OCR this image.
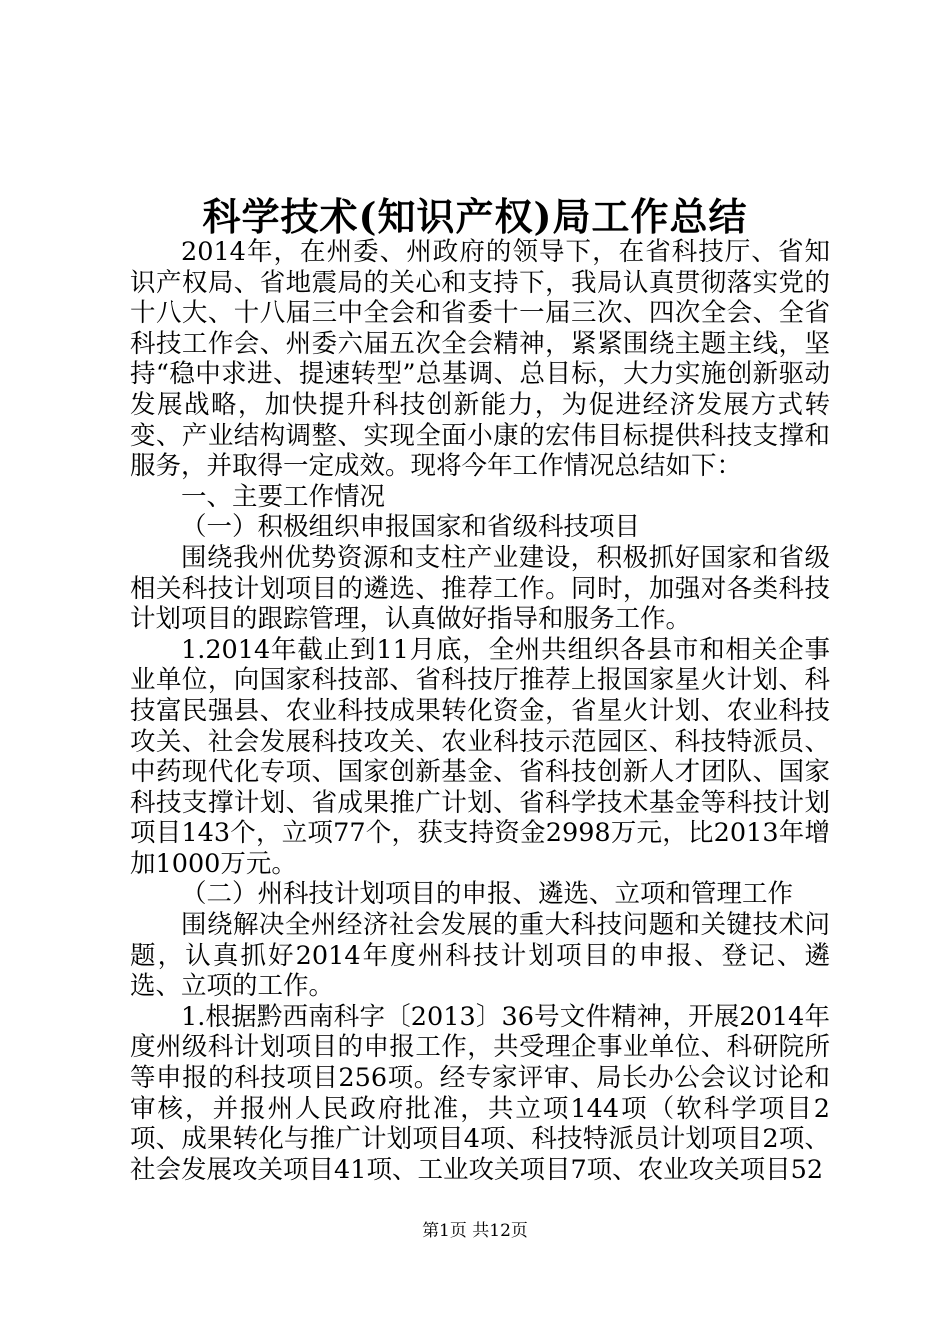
科学技术(知识产权)局工作总结

2014年，在州委、州政府的领导下，在省科技厅、省知识产权局、省地震局的关心和支持下，我局认真贯彻落实党的十八大、十八届三中全会和省委十一届三次、四次全会、全省科技工作会、州委六届五次全会精神，紧紧围绕主题主线，坚持“稳中求进、提速转型”总基调、总目标，大力实施创新驱动发展战略，加快提升科技创新能力，为促进经济发展方式转变、产业结构调整、实现全面小康的宏伟目标提供科技支撑和服务，并取得一定成效。现将今年工作情况总结如下：

一、主要工作情况

（一）积极组织申报国家和省级科技项目

围绕我州优势资源和支柱产业建设，积极抓好国家和省级相关科技计划项目的遴选、推荐工作。同时，加强对各类科技计划项目的跟踪管理，认真做好指导和服务工作。

1.2014年截止到11月底，全州共组织各县市和相关企事业单位，向国家科技部、省科技厅推荐上报国家星火计划、科技富民强县、农业科技成果转化资金，省星火计划、农业科技攻关、社会发展科技攻关、农业科技示范园区、科技特派员、中药现代化专项、国家创新基金、省科技创新人才团队、国家科技支撑计划、省成果推广计划、省科学技术基金等科技计划项目143个，立项77个，获支持资金2998万元，比2013年增加1000万元。

（二）州科技计划项目的申报、遴选、立项和管理工作

围绕解决全州经济社会发展的重大科技问题和关键技术问题，认真抓好2014年度州科技计划项目的申报、登记、遴选、立项的工作。

1.根据黔西南科字〔2013〕36号文件精神，开展2014年度州级科计划项目的申报工作，共受理企事业单位、科研院所等申报的科技项目256项。经专家评审、局长办公会议讨论和审核，并报州人民政府批准，共立项144项（软科学项目2项、成果转化与推广计划项目4项、科技特派员计划项目2项、社会发展攻关项目41项、工业攻关项目7项、农业攻关项目52

第1页 共12页
